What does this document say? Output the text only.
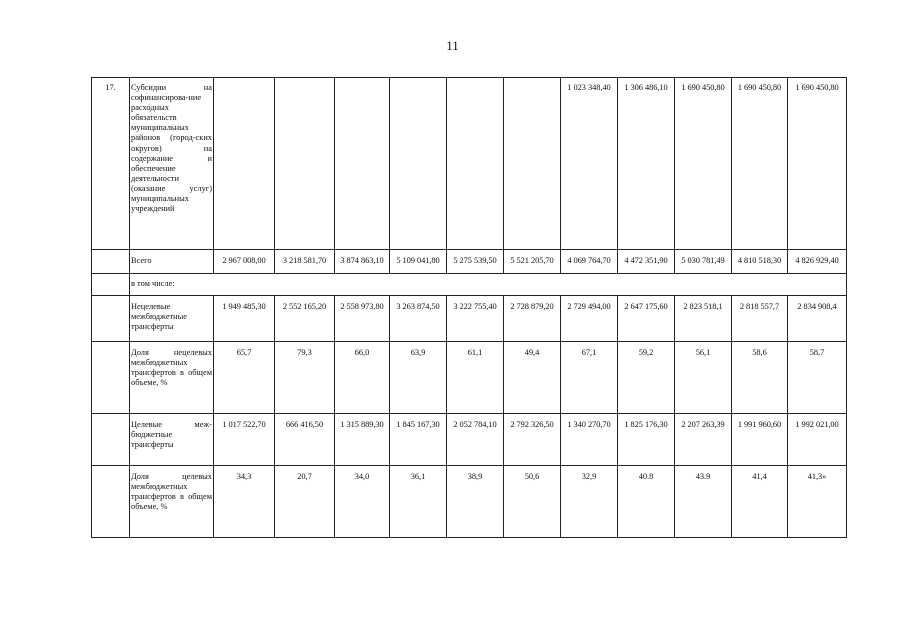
11
17.	Субсидии на софинансирова-ние расходных обязательств муниципальных районов (город-ских округов) на содержание и обеспечение деятельности (оказание услуг) муниципальных учреждений							1 023 348,40	1 306 486,10	1 690 450,80	1 690 450,80	1 690 450,80
	Всего	2 967 008,00	3 218 581,70	3 874 863,10	5 109 041,80	5 275 539,50	5 521 205,70	4 069 764,70	4 472 351,90	5 030 781,49	4 810 518,30	4 826 929,40
	в том числе:											
	Нецелевые межбюджетные трансферты	1 949 485,30	2 552 165,20	2 558 973,80	3 263 874,50	3 222 755,40	2 728 879,20	2 729 494,00	2 647 175,60	2 823 518,1	2 818 557,7	2 834 908,4
	Доля нецелевых межбюджетных трансфертов в общем объеме, %	65,7	79,3	66,0	63,9	61,1	49,4	67,1	59,2	56,1	58,6	58,7
	Целевые меж-бюджетные трансферты	1 017 522,70	666 416,50	1 315 889,30	1 845 167,30	2 052 784,10	2 792 326,50	1 340 270,70	1 825 176,30	2 207 263,39	1 991 960,60	1 992 021,00
	Доля целевых межбюджетных трансфертов в общем объеме, %	34,3	20,7	34,0	36,1	38,9	50,6	32,9	40.8	43.9	41,4	41,3»
